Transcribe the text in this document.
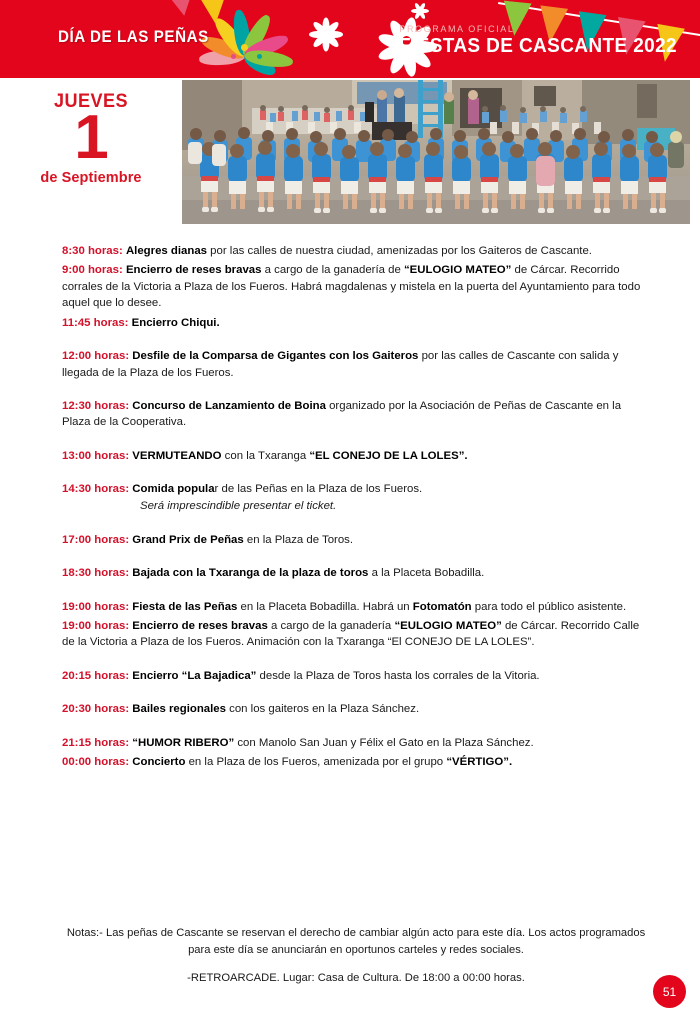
DÍA DE LAS PEÑAS	PROGRAMA OFICIAL
FIESTAS DE CASCANTE 2022
JUEVES
1
de Septiembre
8:30 horas: Alegres dianas por las calles de nuestra ciudad, amenizadas por los Gaiteros de Cascante.
9:00 horas: Encierro de reses bravas a cargo de la ganadería de “EULOGIO MATEO” de Cárcar. Recorrido corrales de la Victoria a Plaza de los Fueros. Habrá magdalenas y mistela en la puerta del Ayuntamiento para todo aquel que lo desee.
11:45 horas: Encierro Chiqui.
12:00 horas: Desfile de la Comparsa de Gigantes con los Gaiteros por las calles de Cascante con salida y llegada de la Plaza de los Fueros.
12:30 horas: Concurso de Lanzamiento de Boina organizado por la Asociación de Peñas de Cascante en la Plaza de la Cooperativa.
13:00 horas: VERMUTEANDO con la Txaranga “EL CONEJO DE LA LOLES”.
14:30 horas: Comida popular de las Peñas en la Plaza de los Fueros.
Será imprescindible presentar el ticket.
17:00 horas: Grand Prix de Peñas en la Plaza de Toros.
18:30 horas: Bajada con la Txaranga de la plaza de toros a la Placeta Bobadilla.
19:00 horas: Fiesta de las Peñas en la Placeta Bobadilla. Habrá un Fotomatón para todo el público asistente.
19:00 horas: Encierro de reses bravas a cargo de la ganadería “EULOGIO MATEO” de Cárcar. Recorrido Calle de la Victoria a Plaza de los Fueros. Animación con la Txaranga “El CONEJO DE LA LOLES”.
20:15 horas: Encierro “La Bajadica” desde la Plaza de Toros hasta los corrales de la Vitoria.
20:30 horas: Bailes regionales con los gaiteros en la Plaza Sánchez.
21:15 horas: “HUMOR RIBERO” con Manolo San Juan y Félix el Gato en la Plaza Sánchez.
00:00 horas: Concierto en la Plaza de los Fueros, amenizada por el grupo “VÉRTIGO”.
Notas:- Las peñas de Cascante se reservan el derecho de cambiar algún acto para este día. Los actos programados para este día se anunciarán en oportunos carteles y redes sociales.
-RETROARCADE. Lugar: Casa de Cultura. De 18:00 a 00:00 horas.
51
